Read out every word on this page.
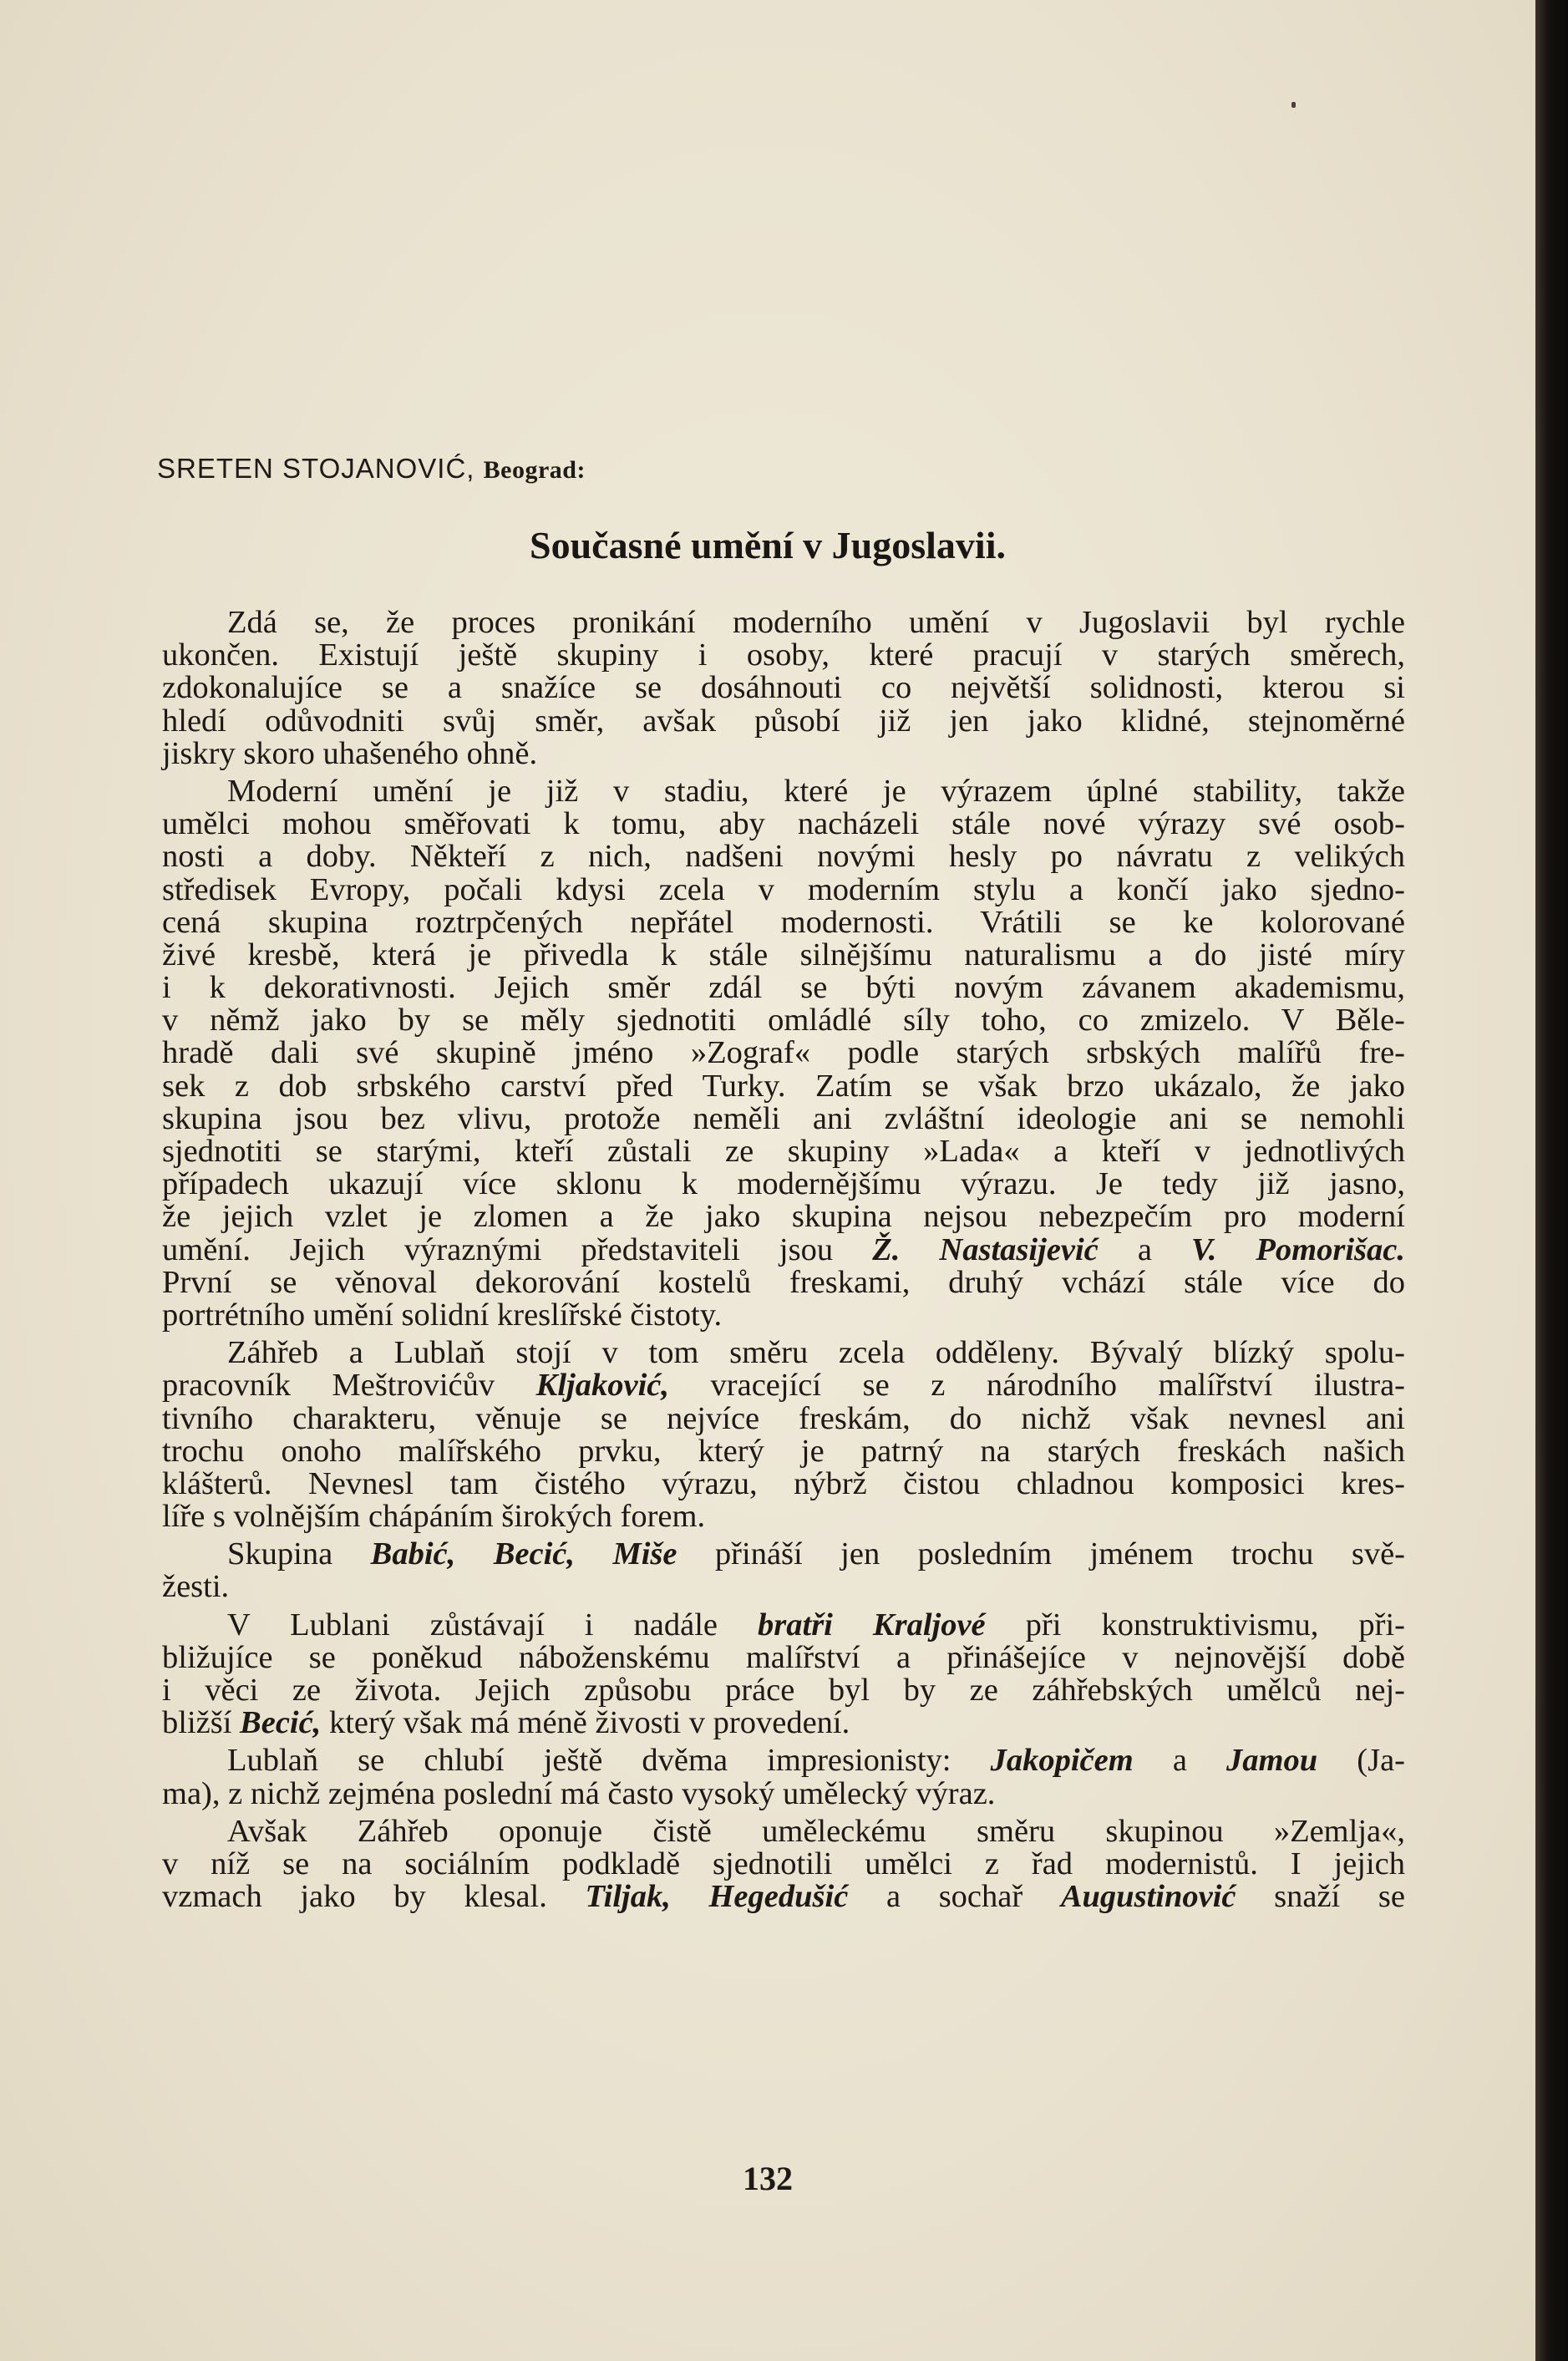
SRETEN STOJANOVIĆ, Beograd:
Současné umění v Jugoslavii.
Zdá se, že proces pronikání moderního umění v Jugoslavii byl rychle
ukončen. Existují ještě skupiny i osoby, které pracují v starých směrech,
zdokonalujíce se a snažíce se dosáhnouti co největší solidnosti, kterou si
hledí odůvodniti svůj směr, avšak působí již jen jako klidné, stejnoměrné
jiskry skoro uhašeného ohně.
Moderní umění je již v stadiu, které je výrazem úplné stability, takže
umělci mohou směřovati k tomu, aby nacházeli stále nové výrazy své osob-
nosti a doby. Někteří z nich, nadšeni novými hesly po návratu z velikých
středisek Evropy, počali kdysi zcela v moderním stylu a končí jako sjedno-
cená skupina roztrpčených nepřátel modernosti. Vrátili se ke kolorované
živé kresbě, která je přivedla k stále silnějšímu naturalismu a do jisté míry
i k dekorativnosti. Jejich směr zdál se býti novým závanem akademismu,
v němž jako by se měly sjednotiti omládlé síly toho, co zmizelo. V Běle-
hradě dali své skupině jméno »Zograf« podle starých srbských malířů fre-
sek z dob srbského carství před Turky. Zatím se však brzo ukázalo, že jako
skupina jsou bez vlivu, protože neměli ani zvláštní ideologie ani se nemohli
sjednotiti se starými, kteří zůstali ze skupiny »Lada« a kteří v jednotlivých
případech ukazují více sklonu k modernějšímu výrazu. Je tedy již jasno,
že jejich vzlet je zlomen a že jako skupina nejsou nebezpečím pro moderní
umění. Jejich výraznými představiteli jsou Ž. Nastasijević a V. Pomorišac.
První se věnoval dekorování kostelů freskami, druhý vchází stále více do
portrétního umění solidní kreslířské čistoty.
Záhřeb a Lublaň stojí v tom směru zcela odděleny. Bývalý blízký spolu-
pracovník Meštrovićův Kljaković, vracející se z národního malířství ilustra-
tivního charakteru, věnuje se nejvíce freskám, do nichž však nevnesl ani
trochu onoho malířského prvku, který je patrný na starých freskách našich
klášterů. Nevnesl tam čistého výrazu, nýbrž čistou chladnou komposici kres-
líře s volnějším chápáním širokých forem.
Skupina Babić, Becić, Miše přináší jen posledním jménem trochu svě-
žesti.
V Lublani zůstávají i nadále bratři Kraljové při konstruktivismu, při-
bližujíce se poněkud náboženskému malířství a přinášejíce v nejnovější době
i věci ze života. Jejich způsobu práce byl by ze záhřebských umělců nej-
bližší Becić, který však má méně živosti v provedení.
Lublaň se chlubí ještě dvěma impresionisty: Jakopičem a Jamou (Ja-
ma), z nichž zejména poslední má často vysoký umělecký výraz.
Avšak Záhřeb oponuje čistě uměleckému směru skupinou »Zemlja«,
v níž se na sociálním podkladě sjednotili umělci z řad modernistů. I jejich
vzmach jako by klesal. Tiljak, Hegedušić a sochař Augustinović snaží se
132
